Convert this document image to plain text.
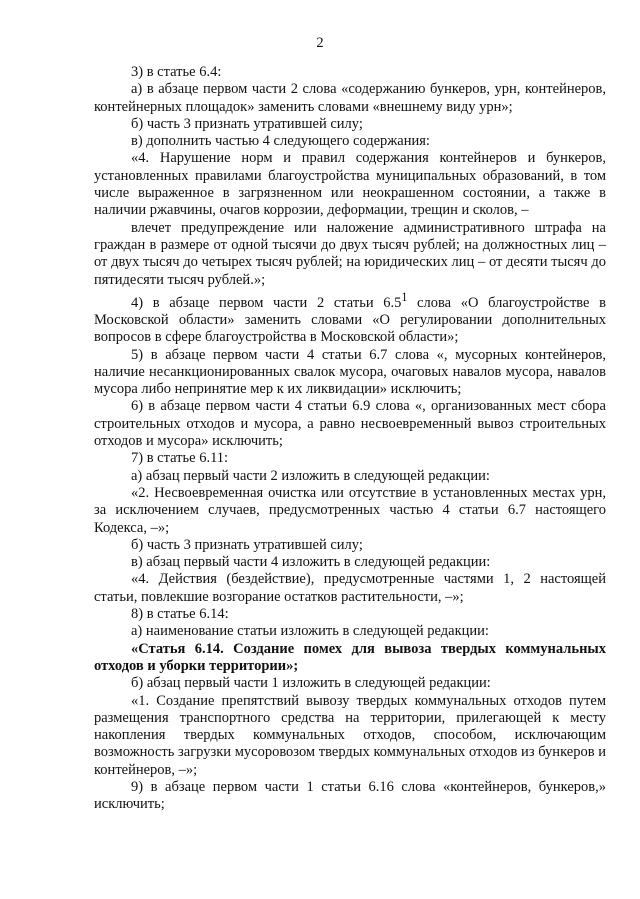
2

3) в статье 6.4:

а) в абзаце первом части 2 слова «содержанию бункеров, урн, контейнеров, контейнерных площадок» заменить словами «внешнему виду урн»;

б) часть 3 признать утратившей силу;

в) дополнить частью 4 следующего содержания:

«4. Нарушение норм и правил содержания контейнеров и бункеров, установленных правилами благоустройства муниципальных образований, в том числе выраженное в загрязненном или неокрашенном состоянии, а также в наличии ржавчины, очагов коррозии, деформации, трещин и сколов, –

влечет предупреждение или наложение административного штрафа на граждан в размере от одной тысячи до двух тысяч рублей; на должностных лиц – от двух тысяч до четырех тысяч рублей; на юридических лиц – от десяти тысяч до пятидесяти тысяч рублей.»;

4) в абзаце первом части 2 статьи $6.5^1$ слова «О благоустройстве в Московской области» заменить словами «О регулировании дополнительных вопросов в сфере благоустройства в Московской области»;

5) в абзаце первом части 4 статьи 6.7 слова «, мусорных контейнеров, наличие несанкционированных свалок мусора, очаговых навалов мусора, навалов мусора либо непринятие мер к их ликвидации» исключить;

6) в абзаце первом части 4 статьи 6.9 слова «, организованных мест сбора строительных отходов и мусора, а равно несвоевременный вывоз строительных отходов и мусора» исключить;

7) в статье 6.11:

а) абзац первый части 2 изложить в следующей редакции:

«2. Несвоевременная очистка или отсутствие в установленных местах урн, за исключением случаев, предусмотренных частью 4 статьи 6.7 настоящего Кодекса, –»;

б) часть 3 признать утратившей силу;

в) абзац первый части 4 изложить в следующей редакции:

«4. Действия (бездействие), предусмотренные частями 1, 2 настоящей статьи, повлекшие возгорание остатков растительности, –»;

8) в статье 6.14:

а) наименование статьи изложить в следующей редакции:

«Статья 6.14. Создание помех для вывоза твердых коммунальных отходов и уборки территории»;

б) абзац первый части 1 изложить в следующей редакции:

«1. Создание препятствий вывозу твердых коммунальных отходов путем размещения транспортного средства на территории, прилегающей к месту накопления твердых коммунальных отходов, способом, исключающим возможность загрузки мусоровозом твердых коммунальных отходов из бункеров и контейнеров, –»;

9) в абзаце первом части 1 статьи 6.16 слова «контейнеров, бункеров,» исключить;
